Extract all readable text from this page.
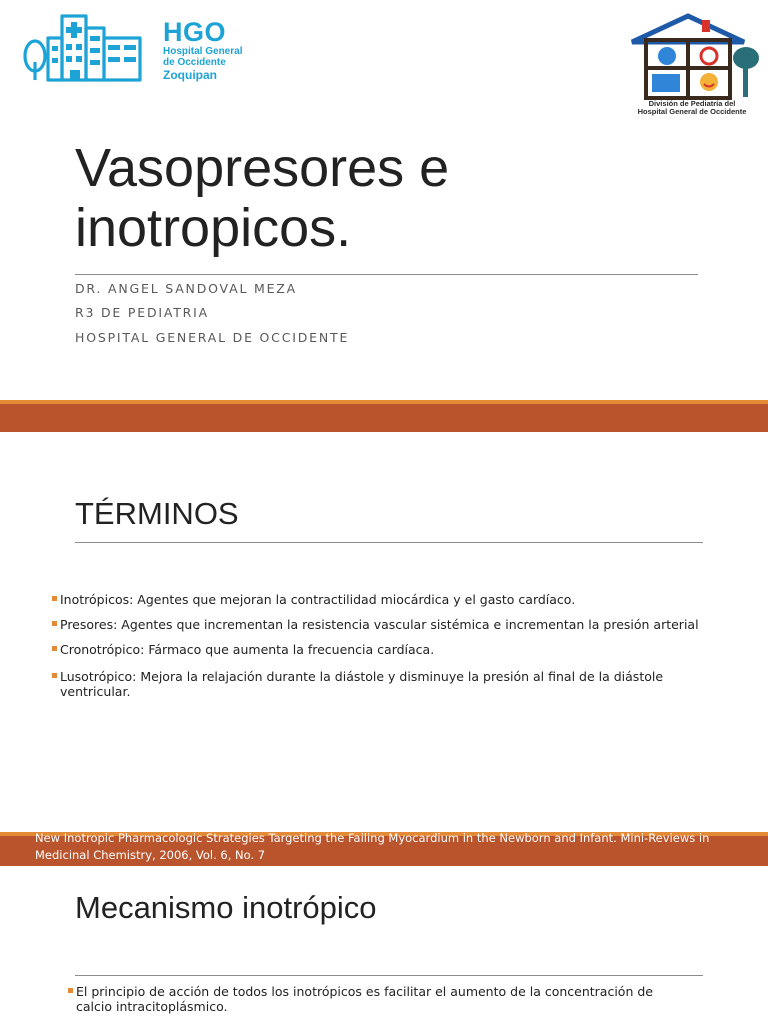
HGO
Hospital General
de Occidente
Zoquipan
División de Pediatría del
Hospital General de Occidente
Vasopresores e
inotropicos.
DR. ANGEL SANDOVAL MEZA
R3 DE PEDIATRIA
HOSPITAL GENERAL DE OCCIDENTE
TÉRMINOS
Inotrópicos: Agentes que mejoran la contractilidad miocárdica y el gasto cardíaco.
Presores: Agentes que incrementan la resistencia vascular sistémica e incrementan la presión arterial
Cronotrópico: Fármaco que aumenta la frecuencia cardíaca.
Lusotrópico: Mejora la relajación durante la diástole y disminuye la presión al final de la diástole ventricular.
New Inotropic Pharmacologic Strategies Targeting the Failing Myocardium in the Newborn and Infant. Mini-Reviews in Medicinal Chemistry, 2006, Vol. 6, No. 7
Mecanismo inotrópico
El principio de acción de todos los inotrópicos es facilitar el aumento de la concentración de calcio intracitoplásmico.
